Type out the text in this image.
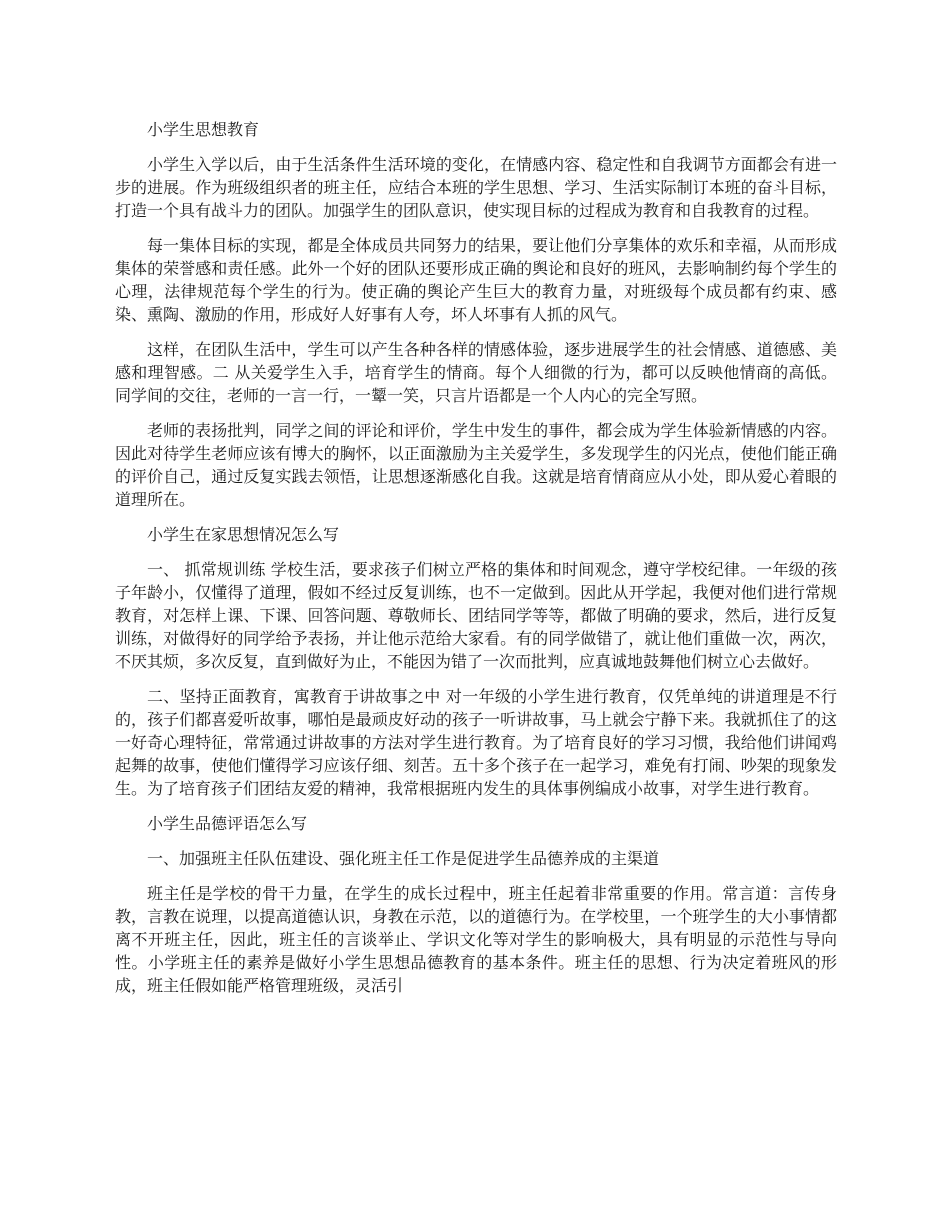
小学生思想教育

小学生入学以后，由于生活条件生活环境的变化，在情感内容、稳定性和自我调节方面都会有进一步的进展。作为班级组织者的班主任，应结合本班的学生思想、学习、生活实际制订本班的奋斗目标，打造一个具有战斗力的团队。加强学生的团队意识，使实现目标的过程成为教育和自我教育的过程。

每一集体目标的实现，都是全体成员共同努力的结果，要让他们分享集体的欢乐和幸福，从而形成集体的荣誉感和责任感。此外一个好的团队还要形成正确的舆论和良好的班风，去影响制约每个学生的心理，法律规范每个学生的行为。使正确的舆论产生巨大的教育力量，对班级每个成员都有约束、感染、熏陶、激励的作用，形成好人好事有人夸，坏人坏事有人抓的风气。

这样，在团队生活中，学生可以产生各种各样的情感体验，逐步进展学生的社会情感、道德感、美感和理智感。二 从关爱学生入手，培育学生的情商。每个人细微的行为，都可以反映他情商的高低。同学间的交往，老师的一言一行，一颦一笑，只言片语都是一个人内心的完全写照。

老师的表扬批判，同学之间的评论和评价，学生中发生的事件，都会成为学生体验新情感的内容。因此对待学生老师应该有博大的胸怀，以正面激励为主关爱学生，多发现学生的闪光点，使他们能正确的评价自己，通过反复实践去领悟，让思想逐渐感化自我。这就是培育情商应从小处，即从爱心着眼的道理所在。

小学生在家思想情况怎么写

一、 抓常规训练 学校生活，要求孩子们树立严格的集体和时间观念，遵守学校纪律。一年级的孩子年龄小，仅懂得了道理，假如不经过反复训练，也不一定做到。因此从开学起，我便对他们进行常规教育，对怎样上课、下课、回答问题、尊敬师长、团结同学等等，都做了明确的要求，然后，进行反复训练，对做得好的同学给予表扬，并让他示范给大家看。有的同学做错了，就让他们重做一次，两次，不厌其烦，多次反复，直到做好为止，不能因为错了一次而批判，应真诚地鼓舞他们树立心去做好。

二、坚持正面教育，寓教育于讲故事之中 对一年级的小学生进行教育，仅凭单纯的讲道理是不行的，孩子们都喜爱听故事，哪怕是最顽皮好动的孩子一听讲故事，马上就会宁静下来。我就抓住了的这一好奇心理特征，常常通过讲故事的方法对学生进行教育。为了培育良好的学习习惯，我给他们讲闻鸡起舞的故事，使他们懂得学习应该仔细、刻苦。五十多个孩子在一起学习，难免有打闹、吵架的现象发生。为了培育孩子们团结友爱的精神，我常根据班内发生的具体事例编成小故事，对学生进行教育。

小学生品德评语怎么写

一、加强班主任队伍建设、强化班主任工作是促进学生品德养成的主渠道

班主任是学校的骨干力量，在学生的成长过程中，班主任起着非常重要的作用。常言道：言传身教，言教在说理，以提高道德认识，身教在示范，以的道德行为。在学校里，一个班学生的大小事情都离不开班主任，因此，班主任的言谈举止、学识文化等对学生的影响极大，具有明显的示范性与导向性。小学班主任的素养是做好小学生思想品德教育的基本条件。班主任的思想、行为决定着班风的形成，班主任假如能严格管理班级，灵活引
